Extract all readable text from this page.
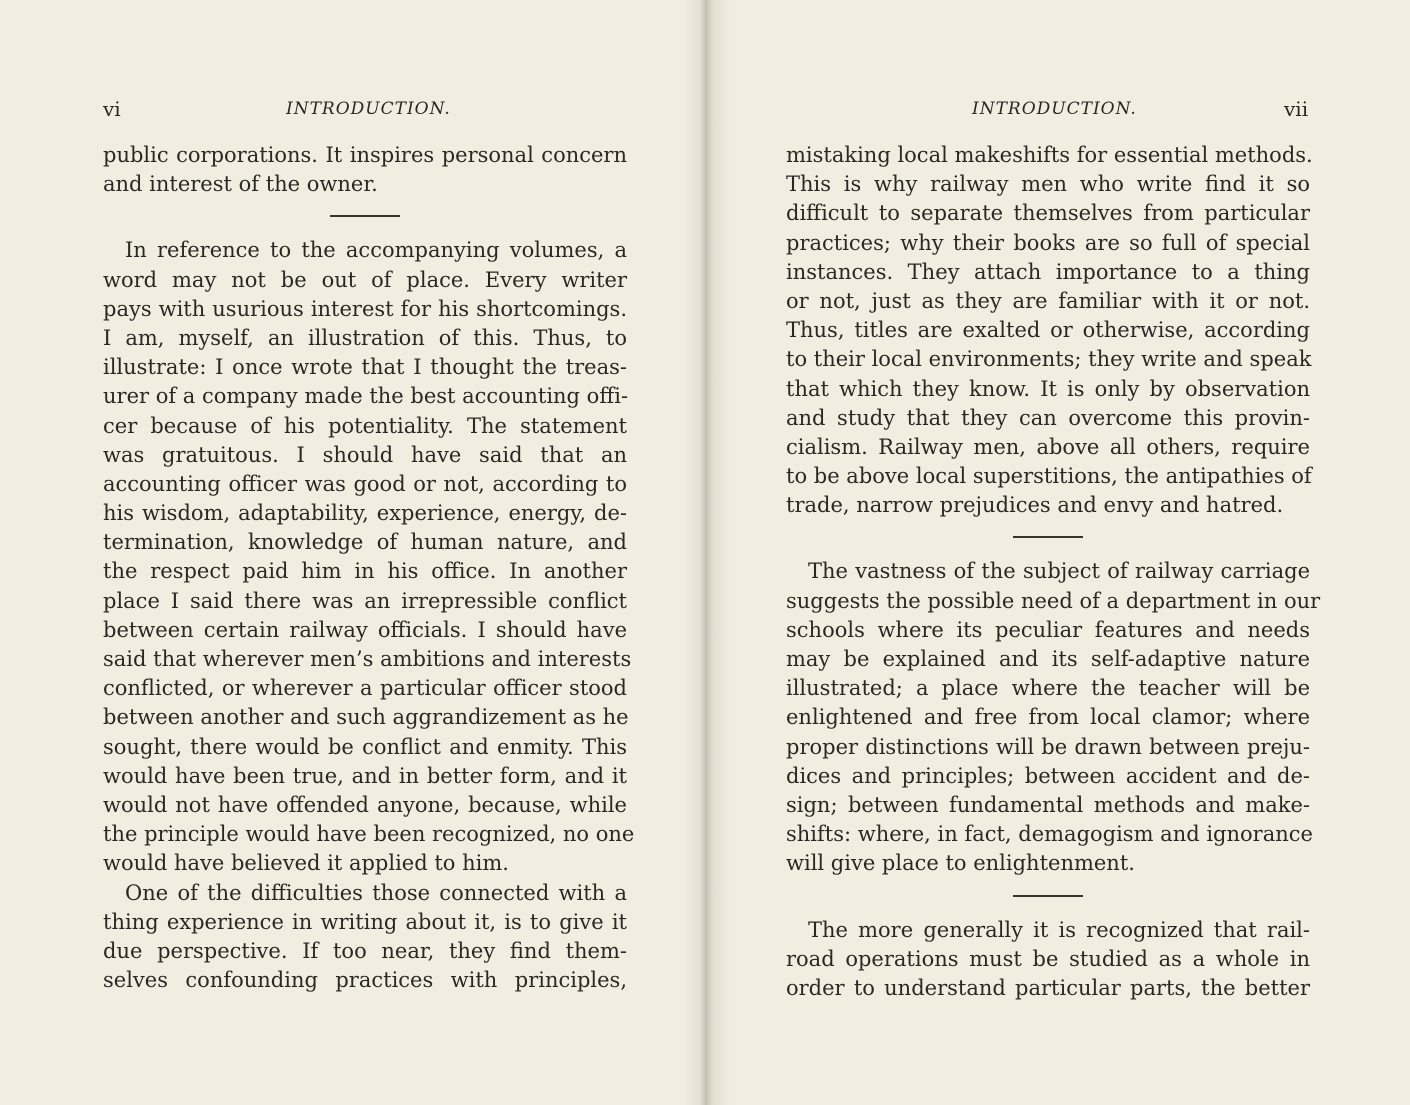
vi	INTRODUCTION.
public corporations. It inspires personal concern
and interest of the owner.
In reference to the accompanying volumes, a
word may not be out of place. Every writer
pays with usurious interest for his shortcomings.
I am, myself, an illustration of this. Thus, to
illustrate: I once wrote that I thought the treas-
urer of a company made the best accounting offi-
cer because of his potentiality. The statement
was gratuitous. I should have said that an
accounting officer was good or not, according to
his wisdom, adaptability, experience, energy, de-
termination, knowledge of human nature, and
the respect paid him in his office. In another
place I said there was an irrepressible conflict
between certain railway officials. I should have
said that wherever men’s ambitions and interests
conflicted, or wherever a particular officer stood
between another and such aggrandizement as he
sought, there would be conflict and enmity. This
would have been true, and in better form, and it
would not have offended anyone, because, while
the principle would have been recognized, no one
would have believed it applied to him.
One of the difficulties those connected with a
thing experience in writing about it, is to give it
due perspective. If too near, they find them-
selves confounding practices with principles,
INTRODUCTION.	vii
mistaking local makeshifts for essential methods.
This is why railway men who write find it so
difficult to separate themselves from particular
practices; why their books are so full of special
instances. They attach importance to a thing
or not, just as they are familiar with it or not.
Thus, titles are exalted or otherwise, according
to their local environments; they write and speak
that which they know. It is only by observation
and study that they can overcome this provin-
cialism. Railway men, above all others, require
to be above local superstitions, the antipathies of
trade, narrow prejudices and envy and hatred.
The vastness of the subject of railway carriage
suggests the possible need of a department in our
schools where its peculiar features and needs
may be explained and its self-adaptive nature
illustrated; a place where the teacher will be
enlightened and free from local clamor; where
proper distinctions will be drawn between preju-
dices and principles; between accident and de-
sign; between fundamental methods and make-
shifts: where, in fact, demagogism and ignorance
will give place to enlightenment.
The more generally it is recognized that rail-
road operations must be studied as a whole in
order to understand particular parts, the better
